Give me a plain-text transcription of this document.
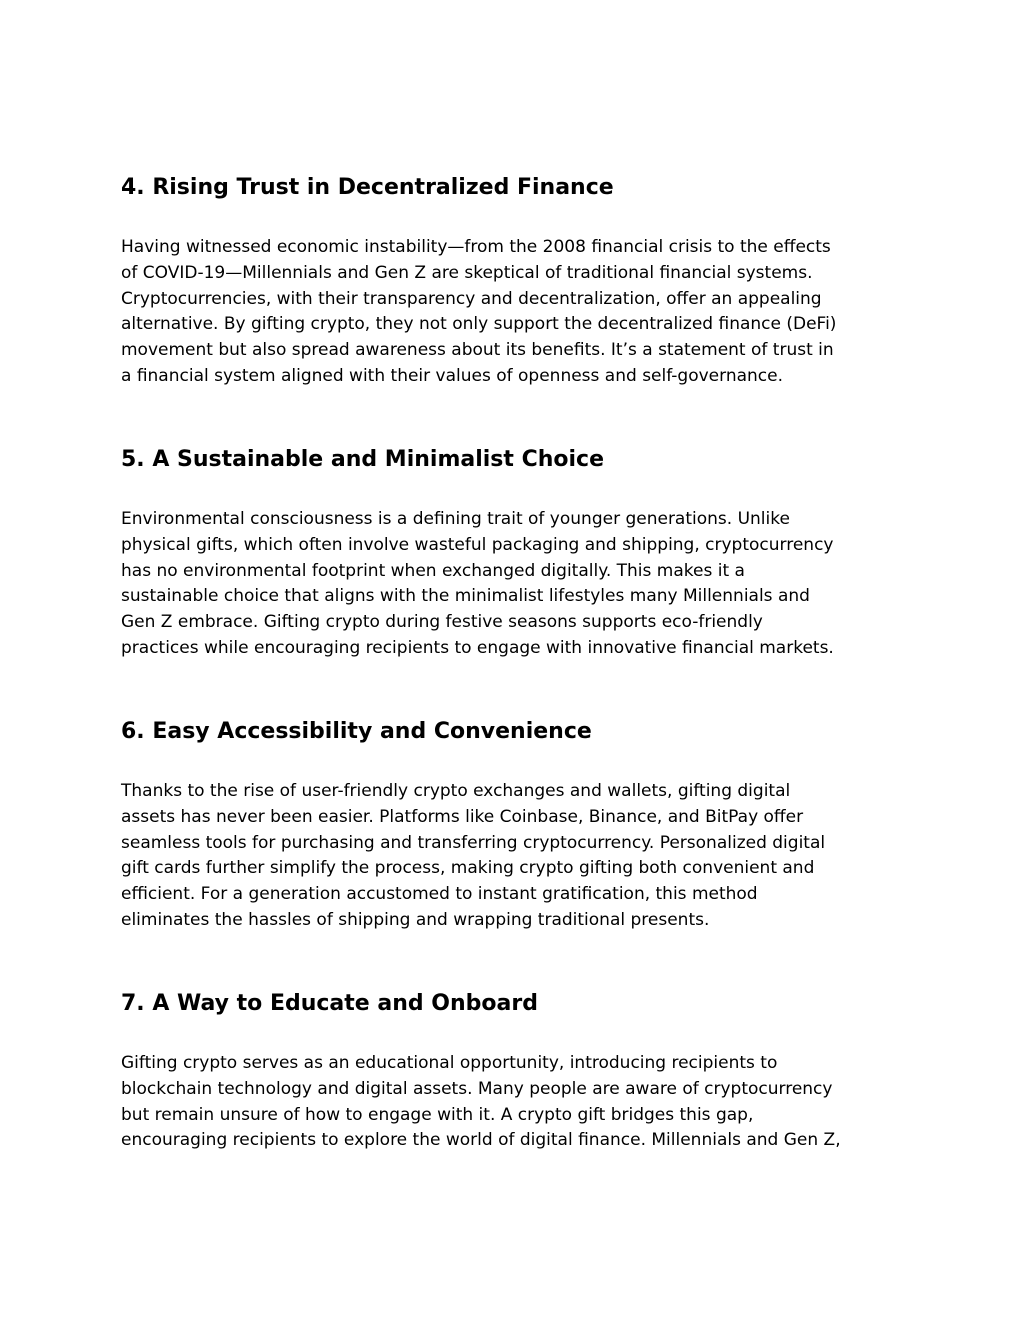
4. Rising Trust in Decentralized Finance

Having witnessed economic instability—from the 2008 financial crisis to the effects
of COVID-19—Millennials and Gen Z are skeptical of traditional financial systems.
Cryptocurrencies, with their transparency and decentralization, offer an appealing
alternative. By gifting crypto, they not only support the decentralized finance (DeFi)
movement but also spread awareness about its benefits. It’s a statement of trust in
a financial system aligned with their values of openness and self-governance.

5. A Sustainable and Minimalist Choice

Environmental consciousness is a defining trait of younger generations. Unlike
physical gifts, which often involve wasteful packaging and shipping, cryptocurrency
has no environmental footprint when exchanged digitally. This makes it a
sustainable choice that aligns with the minimalist lifestyles many Millennials and
Gen Z embrace. Gifting crypto during festive seasons supports eco-friendly
practices while encouraging recipients to engage with innovative financial markets.

6. Easy Accessibility and Convenience

Thanks to the rise of user-friendly crypto exchanges and wallets, gifting digital
assets has never been easier. Platforms like Coinbase, Binance, and BitPay offer
seamless tools for purchasing and transferring cryptocurrency. Personalized digital
gift cards further simplify the process, making crypto gifting both convenient and
efficient. For a generation accustomed to instant gratification, this method
eliminates the hassles of shipping and wrapping traditional presents.

7. A Way to Educate and Onboard

Gifting crypto serves as an educational opportunity, introducing recipients to
blockchain technology and digital assets. Many people are aware of cryptocurrency
but remain unsure of how to engage with it. A crypto gift bridges this gap,
encouraging recipients to explore the world of digital finance. Millennials and Gen Z,
